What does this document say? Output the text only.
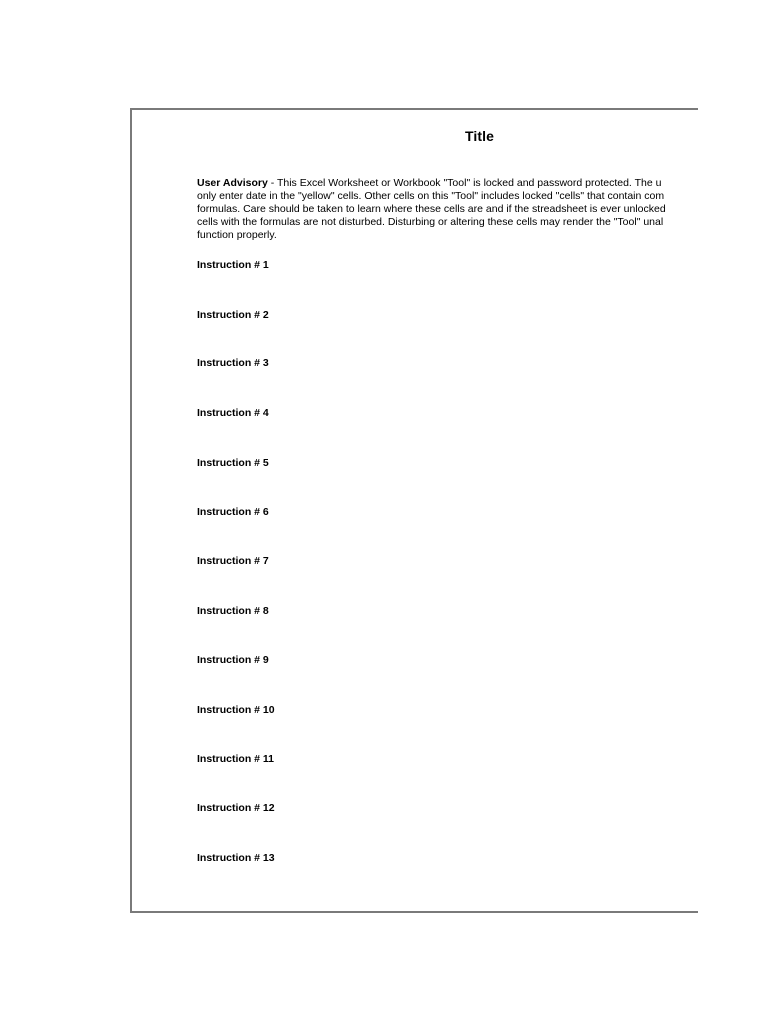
Title
User Advisory - This Excel Worksheet or Workbook "Tool" is locked and password protected. The u
only enter date in the "yellow" cells. Other cells on this "Tool" includes locked "cells" that contain com
formulas. Care should be taken to learn where these cells are and if the streadsheet is ever unlocked
cells with the formulas are not disturbed. Disturbing or altering these cells may render the "Tool" unal
function properly.
Instruction # 1
Instruction # 2
Instruction # 3
Instruction # 4
Instruction # 5
Instruction # 6
Instruction # 7
Instruction # 8
Instruction # 9
Instruction # 10
Instruction # 11
Instruction # 12
Instruction # 13
